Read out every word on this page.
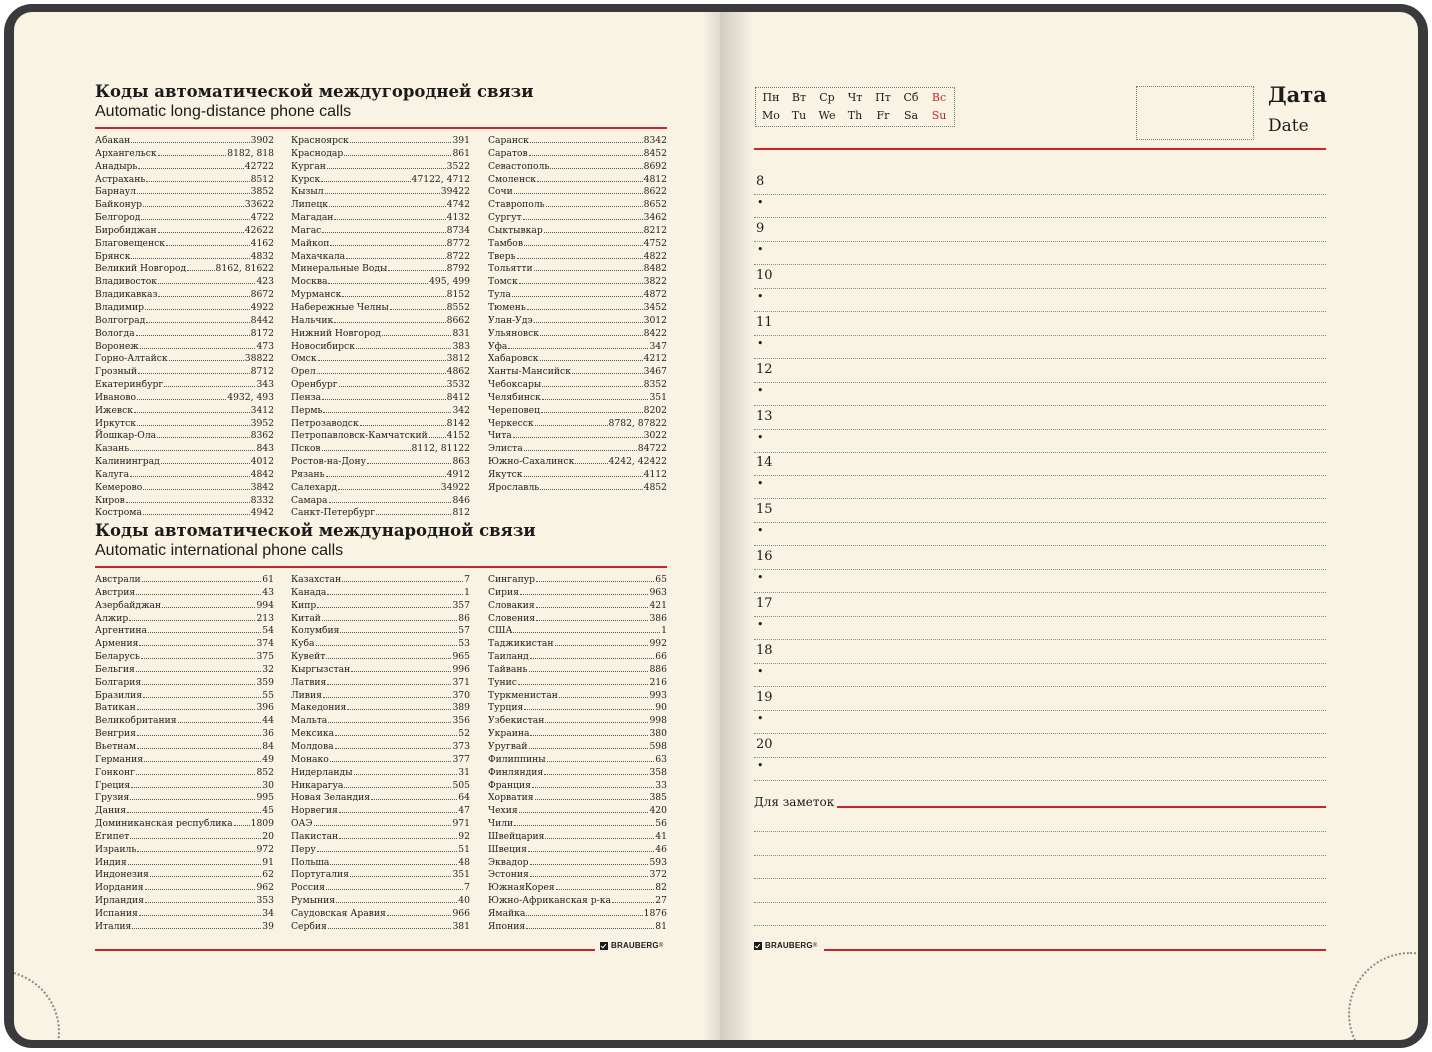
Коды автоматической междугородней связи
Automatic long-distance phone calls
Абакан	3902
Архангельск	8182, 818
Анадырь	42722
Астрахань	8512
Барнаул	3852
Байконур	33622
Белгород	4722
Биробиджан	42622
Благовещенск	4162
Брянск	4832
Великий Новгород	8162, 81622
Владивосток	423
Владикавказ	8672
Владимир	4922
Волгоград	8442
Вологда	8172
Воронеж	473
Горно-Алтайск	38822
Грозный	8712
Екатеринбург	343
Иваново	4932, 493
Ижевск	3412
Иркутск	3952
Йошкар-Ола	8362
Казань	843
Калининград	4012
Калуга	4842
Кемерово	3842
Киров	8332
Кострома	4942
Красноярск	391
Краснодар	861
Курган	3522
Курск	47122, 4712
Кызыл	39422
Липецк	4742
Магадан	4132
Магас	8734
Майкоп	8772
Махачкала	8722
Минеральные Воды	8792
Москва	495, 499
Мурманск	8152
Набережные Челны	8552
Нальчик	8662
Нижний Новгород	831
Новосибирск	383
Омск	3812
Орел	4862
Оренбург	3532
Пенза	8412
Пермь	342
Петрозаводск	8142
Петропавловск-Камчатский 4152
Псков	8112, 81122
Ростов-на-Дону	863
Рязань	4912
Салехард	34922
Самара	846
Санкт-Петербург	812
Саранск	8342
Саратов	8452
Севастополь	8692
Смоленск	4812
Сочи	8622
Ставрополь	8652
Сургут	3462
Сыктывкар	8212
Тамбов	4752
Тверь	4822
Тольятти	8482
Томск	3822
Тула	4872
Тюмень	3452
Улан-Удэ	3012
Ульяновск	8422
Уфа	347
Хабаровск	4212
Ханты-Мансийск	3467
Чебоксары	8352
Челябинск	351
Череповец	8202
Черкесск	8782, 87822
Чита	3022
Элиста	84722
Южно-Сахалинск	4242, 42422
Якутск	4112
Ярославль	4852
Коды автоматической международной связи
Automatic international phone calls
Австрали	61
Австрия	43
Азербайджан	994
Алжир	213
Аргентина	54
Армения	374
Беларусь	375
Бельгия	32
Болгария	359
Бразилия	55
Ватикан	396
Великобритания	44
Венгрия	36
Вьетнам	84
Германия	49
Гонконг	852
Греция	30
Грузия	995
Дания	45
Доминиканская республика 1809
Египет	20
Израиль	972
Индия	91
Индонезия	62
Иордания	962
Ирландия	353
Испания	34
Италия	39
Казахстан	7
Канада	1
Кипр	357
Китай	86
Колумбия	57
Куба	53
Кувейт	965
Кыргызстан	996
Латвия	371
Ливия	370
Македония	389
Мальта	356
Мексика	52
Молдова	373
Монако	377
Нидерланды	31
Никарагуа	505
Новая Зеландия	64
Норвегия	47
ОАЭ	971
Пакистан	92
Перу	51
Польша	48
Португалия	351
Россия	7
Румыния	40
Саудовская Аравия	966
Сербия	381
Сингапур	65
Сирия	963
Словакия	421
Словения	386
США	1
Таджикистан	992
Таиланд	66
Тайвань	886
Тунис	216
Туркменистан	993
Турция	90
Узбекистан	998
Украина	380
Уругвай	598
Филиппины	63
Финляндия	358
Франция	33
Хорватия	385
Чехия	420
Чили	56
Швейцария	41
Швеция	46
Эквадор	593
Эстония	372
ЮжнаяКорея	82
Южно-Африканская р-ка	27
Ямайка	1876
Япония	81
BRAUBERG ®
Пн	Вт	Ср	Чт	Пт	Сб	Вс
Mo	Tu	We	Th	Fr	Sa	Su
Дата
Date
8
•
9
•
10
•
11
•
12
•
13
•
14
•
15
•
16
•
17
•
18
•
19
•
20
•
Для заметок
BRAUBERG ®
